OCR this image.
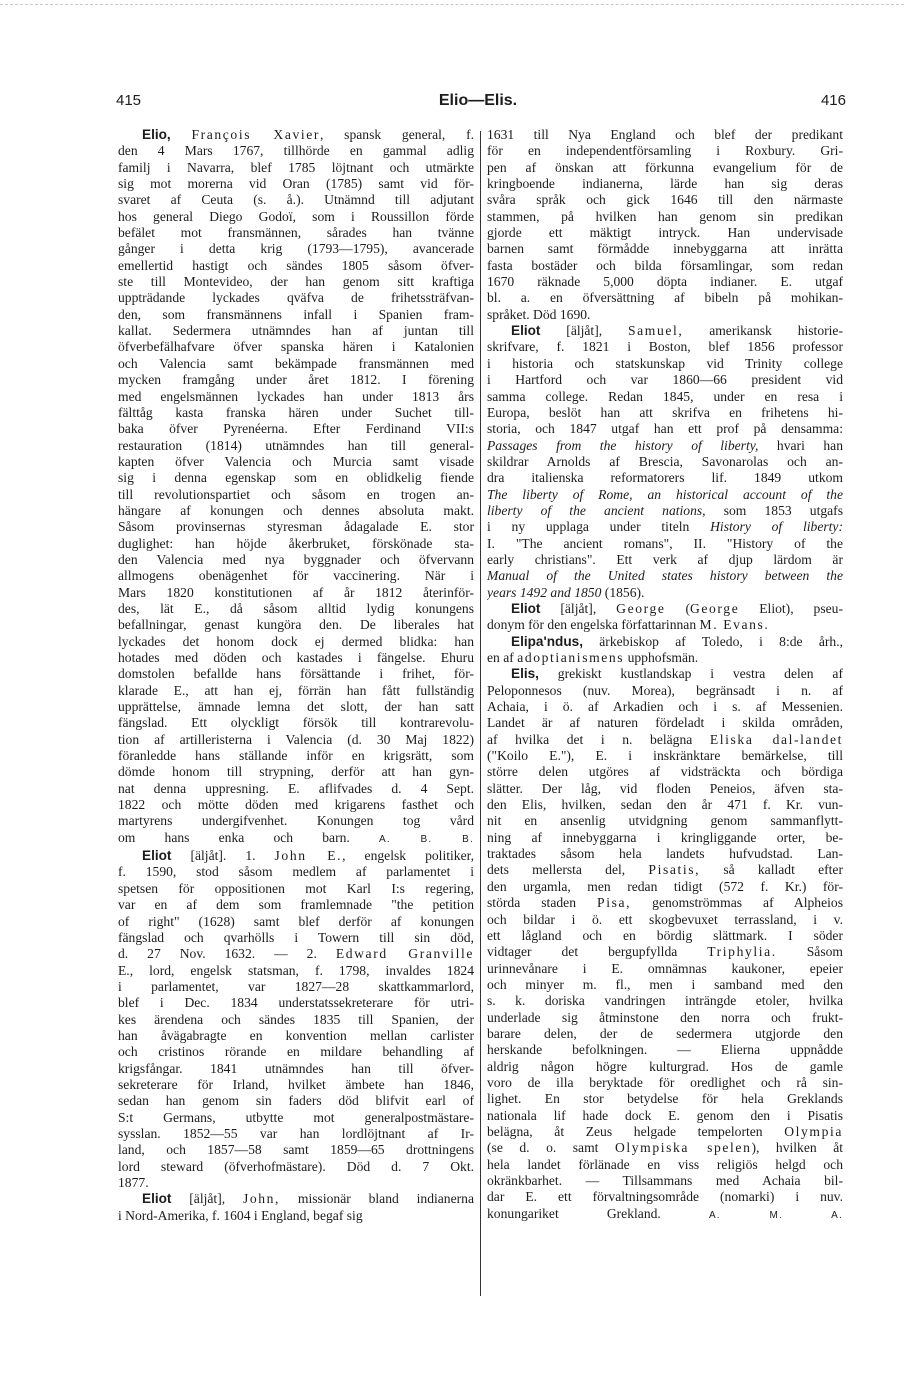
415	Elio—Elis.	416
Elio, François Xavier, spansk general, f.
den 4 Mars 1767, tillhörde en gammal adlig
familj i Navarra, blef 1785 löjtnant och utmärkte
sig mot morerna vid Oran (1785) samt vid för-
svaret af Ceuta (s. å.). Utnämnd till adjutant
hos general Diego Godoï, som i Roussillon förde
befälet mot fransmännen, sårades han tvänne
gånger i detta krig (1793—1795), avancerade
emellertid hastigt och sändes 1805 såsom öfver-
ste till Montevideo, der han genom sitt kraftiga
uppträdande lyckades qväfva de frihetssträfvan-
den, som fransmännens infall i Spanien fram-
kallat. Sedermera utnämndes han af juntan till
öfverbefälhafvare öfver spanska hären i Katalonien
och Valencia samt bekämpade fransmännen med
mycken framgång under året 1812. I förening
med engelsmännen lyckades han under 1813 års
fälttåg kasta franska hären under Suchet till-
baka öfver Pyrenéerna. Efter Ferdinand VII:s
restauration (1814) utnämndes han till general-
kapten öfver Valencia och Murcia samt visade
sig i denna egenskap som en oblidkelig fiende
till revolutionspartiet och såsom en trogen an-
hängare af konungen och dennes absoluta makt.
Såsom provinsernas styresman ådagalade E. stor
duglighet: han höjde åkerbruket, förskönade sta-
den Valencia med nya byggnader och öfvervann
allmogens obenägenhet för vaccinering. När i
Mars 1820 konstitutionen af år 1812 återinför-
des, lät E., då såsom alltid lydig konungens
befallningar, genast kungöra den. De liberales hat
lyckades det honom dock ej dermed blidka: han
hotades med döden och kastades i fängelse. Ehuru
domstolen befallde hans försättande i frihet, för-
klarade E., att han ej, förrän han fått fullständig
upprättelse, ämnade lemna det slott, der han satt
fängslad. Ett olyckligt försök till kontrarevolu-
tion af artilleristerna i Valencia (d. 30 Maj 1822)
föranledde hans ställande inför en krigsrätt, som
dömde honom till strypning, derför att han gyn-
nat denna uppresning. E. aflifvades d. 4 Sept.
1822 och mötte döden med krigarens fasthet och
martyrens undergifvenhet. Konungen tog vård
om hans enka och barn. A. B. B.
Eliot [äljåt]. 1. John E., engelsk politiker,
f. 1590, stod såsom medlem af parlamentet i
spetsen för oppositionen mot Karl I:s regering,
var en af dem som framlemnade "the petition
of right" (1628) samt blef derför af konungen
fängslad och qvarhölls i Towern till sin död,
d. 27 Nov. 1632. — 2. Edward Granville
E., lord, engelsk statsman, f. 1798, invaldes 1824
i parlamentet, var 1827—28 skattkammarlord,
blef i Dec. 1834 understatssekreterare för utri-
kes ärendena och sändes 1835 till Spanien, der
han åvägabragte en konvention mellan carlister
och cristinos rörande en mildare behandling af
krigsfångar. 1841 utnämndes han till öfver-
sekreterare för Irland, hvilket ämbete han 1846,
sedan han genom sin faders död blifvit earl of
S:t Germans, utbytte mot generalpostmästare-
sysslan. 1852—55 var han lordlöjtnant af Ir-
land, och 1857—58 samt 1859—65 drottningens
lord steward (öfverhofmästare). Död d. 7 Okt.
1877.
Eliot [äljåt], John, missionär bland indianerna
i Nord-Amerika, f. 1604 i England, begaf sig
1631 till Nya England och blef der predikant
för en independentförsamling i Roxbury. Gri-
pen af önskan att förkunna evangelium för de
kringboende indianerna, lärde han sig deras
svåra språk och gick 1646 till den närmaste
stammen, på hvilken han genom sin predikan
gjorde ett mäktigt intryck. Han undervisade
barnen samt förmådde innebyggarna att inrätta
fasta bostäder och bilda församlingar, som redan
1670 räknade 5,000 döpta indianer. E. utgaf
bl. a. en öfversättning af bibeln på mohikan-
språket. Död 1690.
Eliot [äljåt], Samuel, amerikansk historie-
skrifvare, f. 1821 i Boston, blef 1856 professor
i historia och statskunskap vid Trinity college
i Hartford och var 1860—66 president vid
samma college. Redan 1845, under en resa i
Europa, beslöt han att skrifva en frihetens hi-
storia, och 1847 utgaf han ett prof på densamma:
Passages from the history of liberty, hvari han
skildrar Arnolds af Brescia, Savonarolas och an-
dra italienska reformatorers lif. 1849 utkom
The liberty of Rome, an historical account of the
liberty of the ancient nations, som 1853 utgafs
i ny upplaga under titeln History of liberty:
I. "The ancient romans", II. "History of the
early christians". Ett verk af djup lärdom är
Manual of the United states history between the
years 1492 and 1850 (1856).
Eliot [äljåt], George (George Eliot), pseu-
donym för den engelska författarinnan M. Evans.
Elipa'ndus, ärkebiskop af Toledo, i 8:de årh.,
en af adoptianismens upphofsmän.
Elis, grekiskt kustlandskap i vestra delen af
Peloponnesos (nuv. Morea), begränsadt i n. af
Achaia, i ö. af Arkadien och i s. af Messenien.
Landet är af naturen fördeladt i skilda områden,
af hvilka det i n. belägna Eliska dal-landet
("Koilo E."), E. i inskränktare bemärkelse, till
större delen utgöres af vidsträckta och bördiga
slätter. Der låg, vid floden Peneios, äfven sta-
den Elis, hvilken, sedan den år 471 f. Kr. vun-
nit en ansenlig utvidgning genom sammanflytt-
ning af innebyggarna i kringliggande orter, be-
traktades såsom hela landets hufvudstad. Lan-
dets mellersta del, Pisatis, så kalladt efter
den urgamla, men redan tidigt (572 f. Kr.) för-
störda staden Pisa, genomströmmas af Alpheios
och bildar i ö. ett skogbevuxet terrassland, i v.
ett lågland och en bördig slättmark. I söder
vidtager det bergupfyllda Triphylia. Såsom
urinnevånare i E. omnämnas kaukoner, epeier
och minyer m. fl., men i samband med den
s. k. doriska vandringen inträngde etoler, hvilka
underlade sig åtminstone den norra och frukt-
barare delen, der de sedermera utgjorde den
herskande befolkningen. — Elierna uppnådde
aldrig någon högre kulturgrad. Hos de gamle
voro de illa beryktade för oredlighet och rå sin-
lighet. En stor betydelse för hela Greklands
nationala lif hade dock E. genom den i Pisatis
belägna, åt Zeus helgade tempelorten Olympia
(se d. o. samt Olympiska spelen), hvilken åt
hela landet förlänade en viss religiös helgd och
okränkbarhet. — Tillsammans med Achaia bil-
dar E. ett förvaltningsområde (nomarki) i nuv.
konungariket Grekland. A. M. A.
